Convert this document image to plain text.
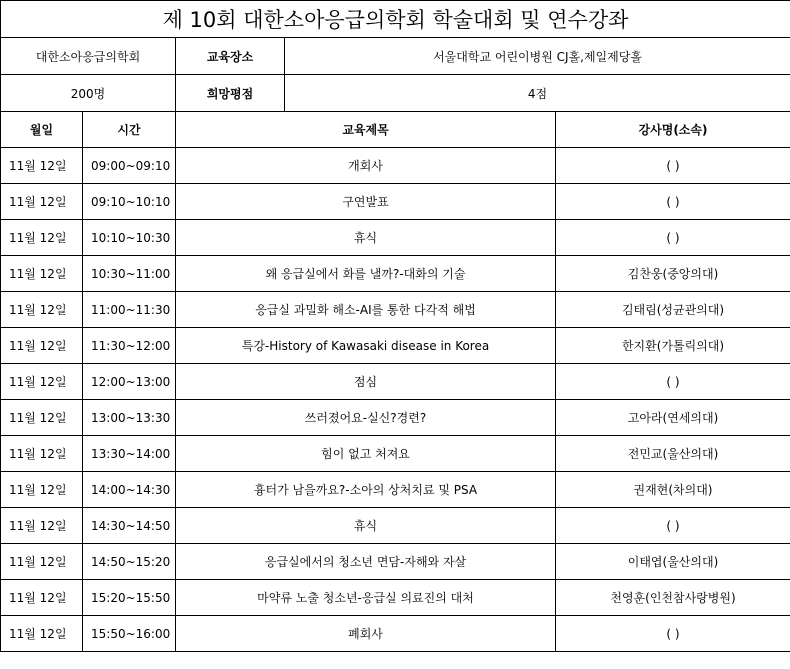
제 10회 대한소아응급의학회 학술대회 및 연수강좌				
대한소아응급의학회		교육장소	서울대학교 어린이병원 CJ홀,제일제당홀	
200명		희망평점	4점	
월일	시간	교육제목		강사명(소속)
11월 12일	09:00~09:10	개회사		( )
11월 12일	09:10~10:10	구연발표		( )
11월 12일	10:10~10:30	휴식		( )
11월 12일	10:30~11:00	왜 응급실에서 화를 낼까?-대화의 기술		김찬웅(중앙의대)
11월 12일	11:00~11:30	응급실 과밀화 해소-AI를 통한 다각적 해법		김태림(성균관의대)
11월 12일	11:30~12:00	특강-History of Kawasaki disease in Korea		한지환(가톨릭의대)
11월 12일	12:00~13:00	점심		( )
11월 12일	13:00~13:30	쓰러졌어요-실신?경련?		고아라(연세의대)
11월 12일	13:30~14:00	힘이 없고 처져요		전민교(울산의대)
11월 12일	14:00~14:30	흉터가 남을까요?-소아의 상처치료 및 PSA		권재현(차의대)
11월 12일	14:30~14:50	휴식		( )
11월 12일	14:50~15:20	응급실에서의 청소년 면담-자해와 자살		이태엽(울산의대)
11월 12일	15:20~15:50	마약류 노출 청소년-응급실 의료진의 대처		천영훈(인천참사랑병원)
11월 12일	15:50~16:00	폐회사		( )
